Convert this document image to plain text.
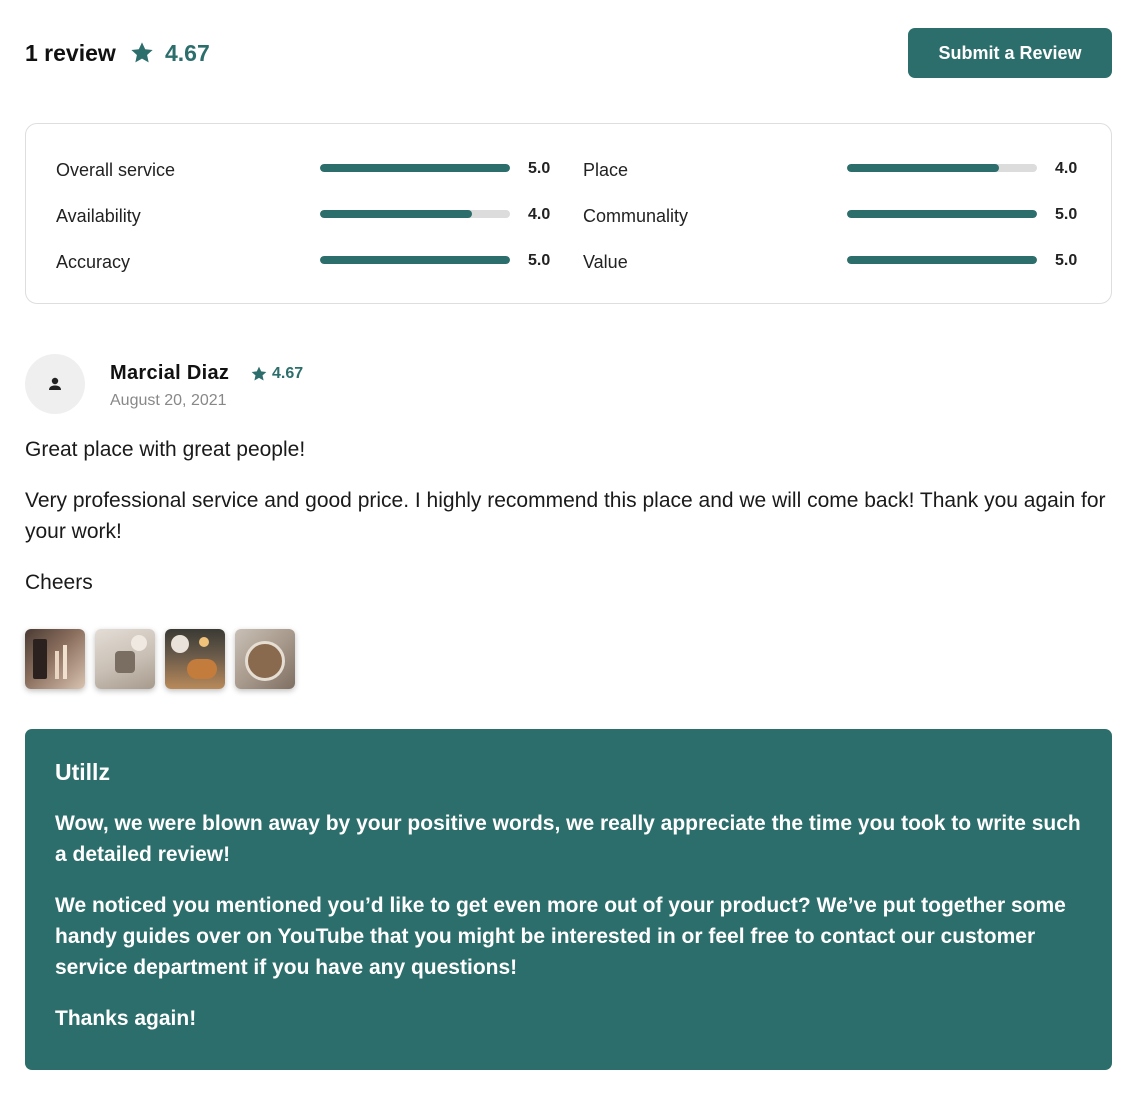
1 review 4.67	Submit a Review
Overall service	5.0
Availability	4.0
Accuracy	5.0
Place	4.0
Communality	5.0
Value	5.0
Marcial Diaz	4.67
August 20, 2021

Great place with great people!

Very professional service and good price. I highly recommend this place and we will come back! Thank you again for your work!

Cheers

Utillz

Wow, we were blown away by your positive words, we really appreciate the time you took to write such a detailed review!

We noticed you mentioned you’d like to get even more out of your product? We’ve put together some handy guides over on YouTube that you might be interested in or feel free to contact our customer service department if you have any questions!

Thanks again!
